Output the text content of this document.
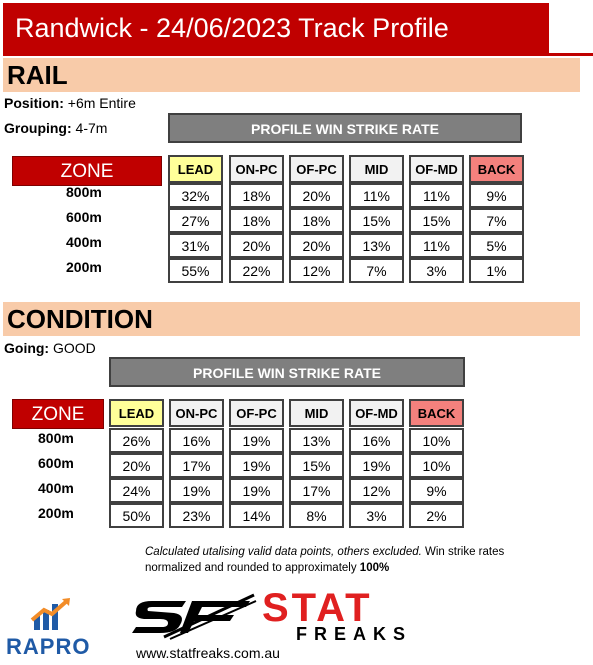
Randwick - 24/06/2023 Track Profile
RAIL
Position: +6m Entire
Grouping: 4-7m	PROFILE WIN STRIKE RATE
ZONE	LEAD	ON-PC	OF-PC	MID	OF-MD	BACK
800m	32%	18%	20%	11%	11%	9%
600m	27%	18%	18%	15%	15%	7%
400m	31%	20%	20%	13%	11%	5%
200m	55%	22%	12%	7%	3%	1%
CONDITION
Going: GOOD
PROFILE WIN STRIKE RATE
ZONE	LEAD	ON-PC	OF-PC	MID	OF-MD	BACK
800m	26%	16%	19%	13%	16%	10%
600m	20%	17%	19%	15%	19%	10%
400m	24%	19%	19%	17%	12%	9%
200m	50%	23%	14%	8%	3%	2%
Calculated utalising valid data points, others excluded. Win strike rates normalized and rounded to approximately 100%
RAPRO
STAT
FREAKS
www.statfreaks.com.au
